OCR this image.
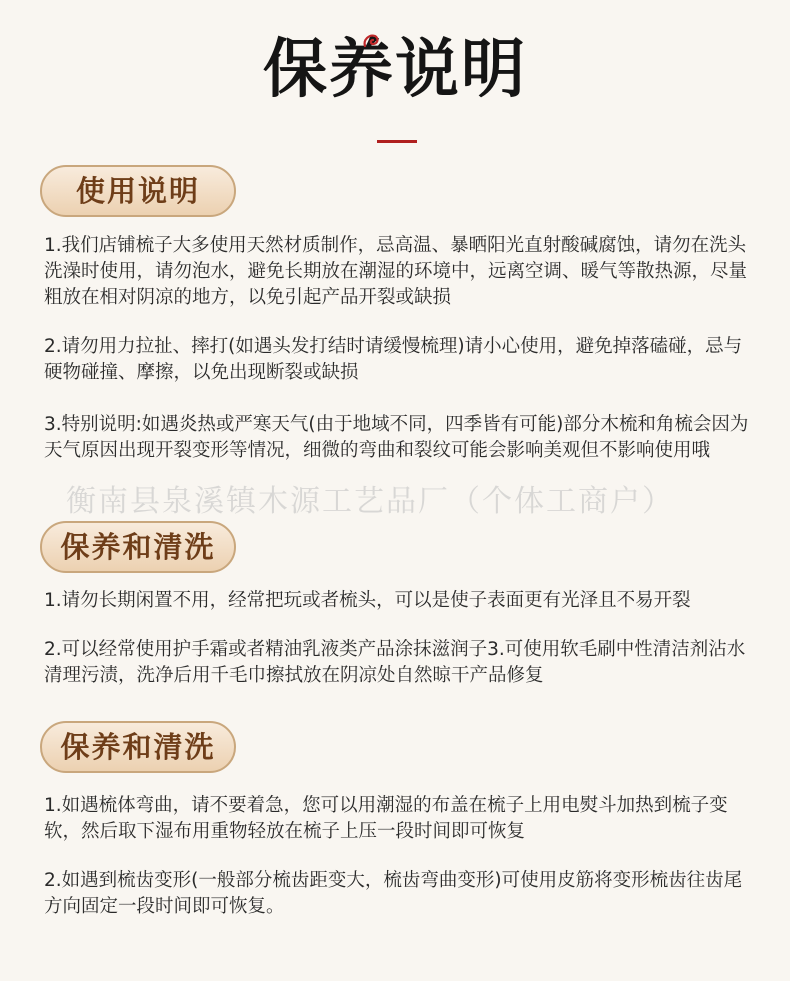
保养说明
使用说明

1.我们店铺梳子大多使用天然材质制作，忌高温、暴晒阳光直射酸碱腐蚀，请勿在洗头洗澡时使用，请勿泡水，避免长期放在潮湿的环境中，远离空调、暖气等散热源，尽量粗放在相对阴凉的地方，以免引起产品开裂或缺损

2.请勿用力拉扯、摔打(如遇头发打结时请缓慢梳理)请小心使用，避免掉落磕碰，忌与硬物碰撞、摩擦，以免出现断裂或缺损

3.特别说明:如遇炎热或严寒天气(由于地域不同，四季皆有可能)部分木梳和角梳会因为天气原因出现开裂变形等情况，细微的弯曲和裂纹可能会影响美观但不影响使用哦

衡南县泉溪镇木源工艺品厂（个体工商户）
保养和清洗

1.请勿长期闲置不用，经常把玩或者梳头，可以是使子表面更有光泽且不易开裂

2.可以经常使用护手霜或者精油乳液类产品涂抹滋润子3.可使用软毛刷中性清洁剂沾水清理污渍，洗净后用千毛巾擦拭放在阴凉处自然晾干产品修复

保养和清洗

1.如遇梳体弯曲，请不要着急，您可以用潮湿的布盖在梳子上用电熨斗加热到梳子变软，然后取下湿布用重物轻放在梳子上压一段时间即可恢复

2.如遇到梳齿变形(一般部分梳齿距变大，梳齿弯曲变形)可使用皮筋将变形梳齿往齿尾方向固定一段时间即可恢复。
